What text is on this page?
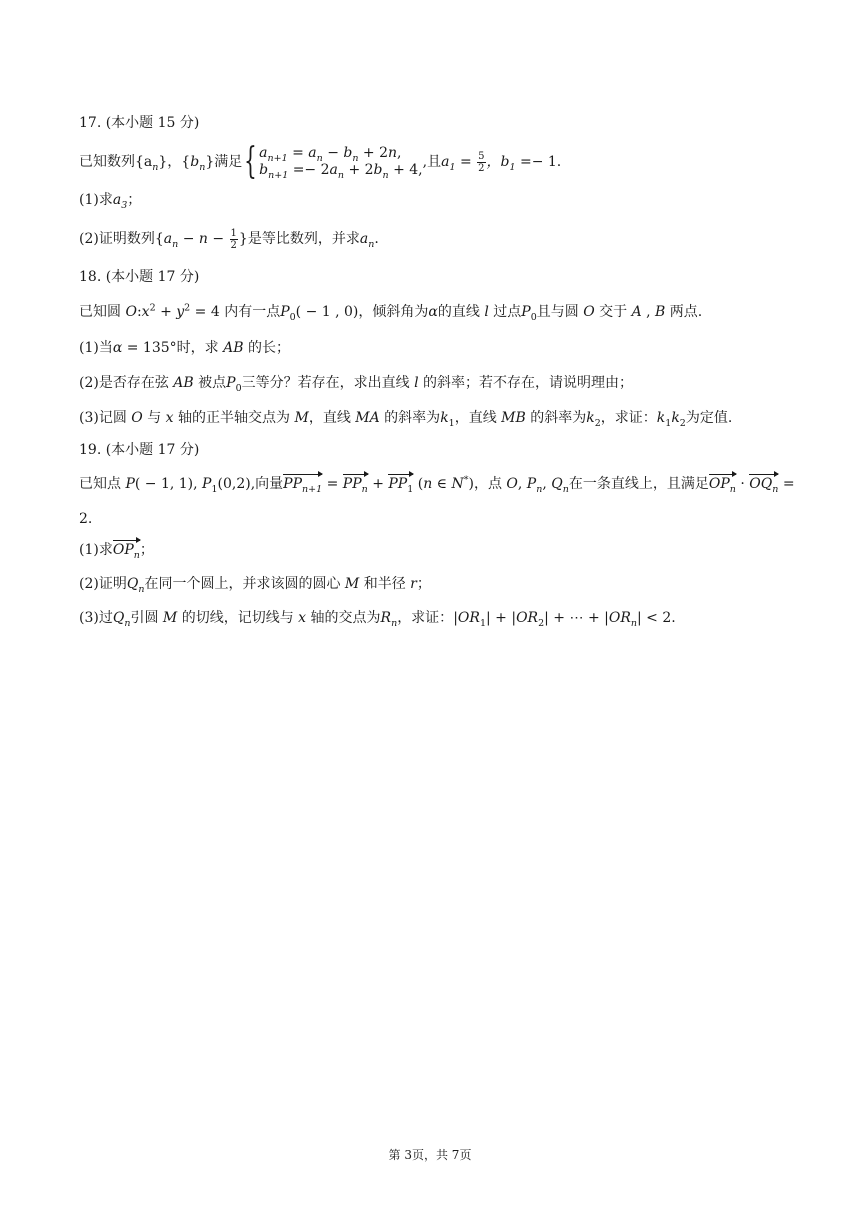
17. (本小题 15 分)
已知数列$\{a_n\}$，$\{b_n\}$满足 { $a_{n+1} = a_n - b_n + 2n$,
$b_{n+1} =- 2a_n + 2b_n + 4$, ,且$a_1 = \frac{5}{2}$ ，$b_1 =- 1$.
(1)求$a_3$；
(2)证明数列{$a_n - n - \frac{1}{2}$ }是等比数列，并求$a_n$.
18. (本小题 17 分)
已知圆 $O:x^2 + y^2 = 4$ 内有一点$P_0( - 1$ , 0)，倾斜角为α的直线 l 过点$P_0$且与圆 O 交于 A , B 两点.
(1)当α = 135°时，求 AB 的长；
(2)是否存在弦 AB 被点$P_0$三等分？若存在，求出直线 l 的斜率；若不存在，请说明理由；
(3)记圆 O 与 x 轴的正半轴交点为 M，直线 MA 的斜率为$k_1$，直线 MB 的斜率为$k_2$，求证：$k_1k_2$为定值.
19. (本小题 17 分)
已知点 P( − 1, 1), $P_1(0,2)$,向量$PP_{n+1} = PP_n + PP_1$ (n ∈ N*)，点 O, $P_n$, $Q_n$在一条直线上，且满足$OP_n \cdot OQ_n$ =
2.
(1)求$OP_n$；
(2)证明$Q_n$在同一个圆上，并求该圆的圆心 M 和半径 r；
(3)过$Q_n$引圆 M 的切线，记切线与 x 轴的交点为$R_n$，求证：$|OR_1| + |OR_2|$ + ⋯ + $|OR_n| < 2$.
第 3页，共 7页
